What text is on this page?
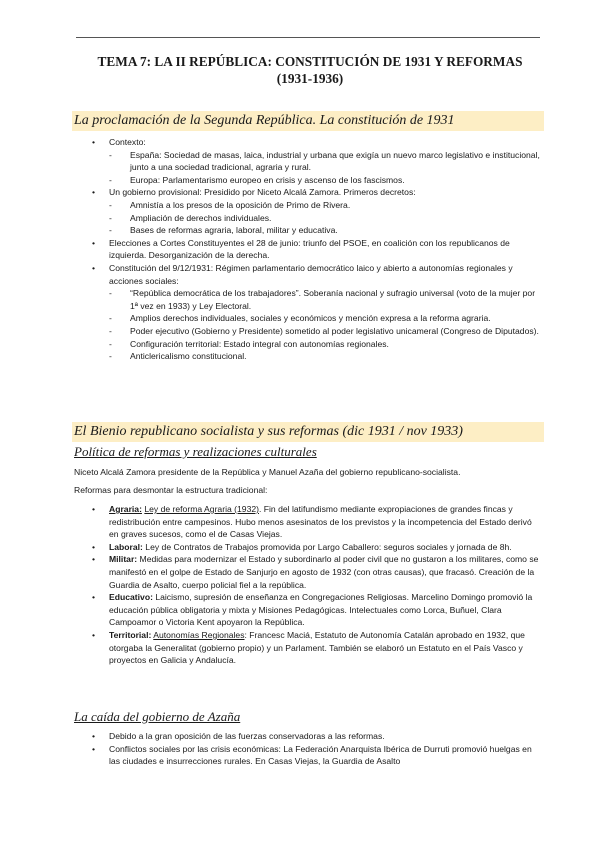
TEMA 7: LA II REPÚBLICA: CONSTITUCIÓN DE 1931 Y REFORMAS (1931-1936)
La proclamación de la Segunda República. La constitución de 1931
• Contexto:
- España: Sociedad de masas, laica, industrial y urbana que exigía un nuevo marco legislativo e institucional, junto a una sociedad tradicional, agraria y rural.
- Europa: Parlamentarismo europeo en crisis y ascenso de los fascismos.
• Un gobierno provisional: Presidido por Niceto Alcalá Zamora. Primeros decretos:
- Amnistía a los presos de la oposición de Primo de Rivera.
- Ampliación de derechos individuales.
- Bases de reformas agraria, laboral, militar y educativa.
• Elecciones a Cortes Constituyentes el 28 de junio: triunfo del PSOE, en coalición con los republicanos de izquierda. Desorganización de la derecha.
• Constitución del 9/12/1931: Régimen parlamentario democrático laico y abierto a autonomías regionales y acciones sociales:
- “República democrática de los trabajadores”. Soberanía nacional y sufragio universal (voto de la mujer por 1ª vez en 1933) y Ley Electoral.
- Amplios derechos individuales, sociales y económicos y mención expresa a la reforma agraria.
- Poder ejecutivo (Gobierno y Presidente) sometido al poder legislativo unicameral (Congreso de Diputados).
- Configuración territorial: Estado integral con autonomías regionales.
- Anticlericalismo constitucional.
El Bienio republicano socialista y sus reformas (dic 1931 / nov 1933)
Política de reformas y realizaciones culturales
Niceto Alcalá Zamora presidente de la República y Manuel Azaña del gobierno republicano-socialista.
Reformas para desmontar la estructura tradicional:
• Agraria: Ley de reforma Agraria (1932). Fin del latifundismo mediante expropiaciones de grandes fincas y redistribución entre campesinos. Hubo menos asesinatos de los previstos y la incompetencia del Estado derivó en graves sucesos, como el de Casas Viejas.
• Laboral: Ley de Contratos de Trabajos promovida por Largo Caballero: seguros sociales y jornada de 8h.
• Militar: Medidas para modernizar el Estado y subordinarlo al poder civil que no gustaron a los militares, como se manifestó en el golpe de Estado de Sanjurjo en agosto de 1932 (con otras causas), que fracasó. Creación de la Guardia de Asalto, cuerpo policial fiel a la república.
• Educativo: Laicismo, supresión de enseñanza en Congregaciones Religiosas. Marcelino Domingo promovió la educación pública obligatoria y mixta y Misiones Pedagógicas. Intelectuales como Lorca, Buñuel, Clara Campoamor o Victoria Kent apoyaron la República.
• Territorial: Autonomías Regionales: Francesc Maciá, Estatuto de Autonomía Catalán aprobado en 1932, que otorgaba la Generalitat (gobierno propio) y un Parlament. También se elaboró un Estatuto en el País Vasco y proyectos en Galicia y Andalucía.
La caída del gobierno de Azaña
• Debido a la gran oposición de las fuerzas conservadoras a las reformas.
• Conflictos sociales por las crisis económicas: La Federación Anarquista Ibérica de Durruti promovió huelgas en las ciudades e insurrecciones rurales. En Casas Viejas, la Guardia de Asalto
